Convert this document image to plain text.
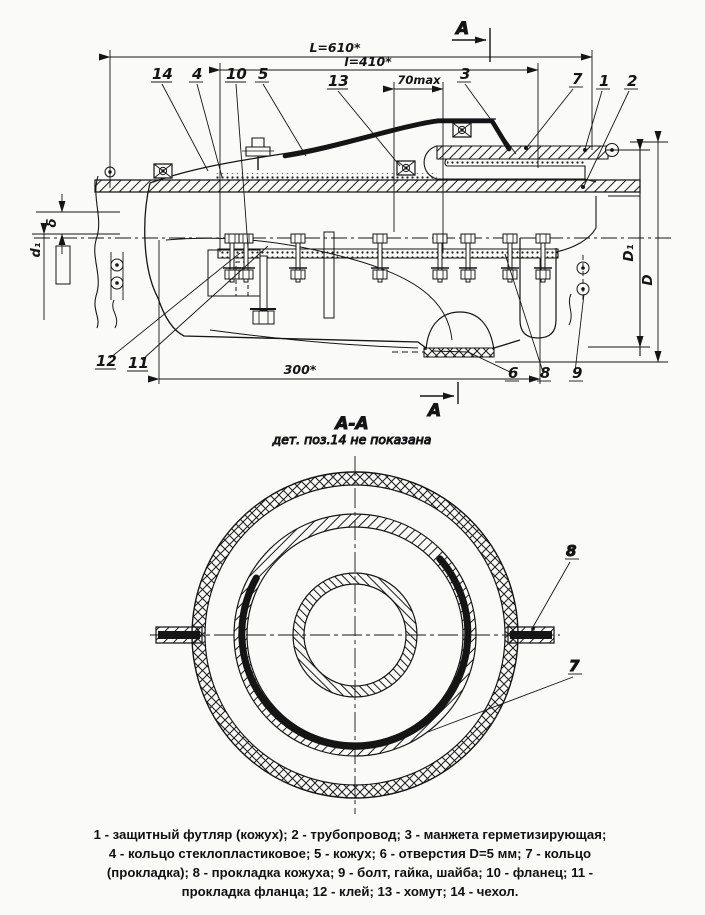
L=610*
l=410*
70max
300*
δ
d₁	D₁
D
А
А
14 4 10 5	13	3	7 1 2
12 11
6 8 9
А-А
дет. поз.14 не показана
8
7
1 - защитный футляр (кожух); 2 - трубопровод; 3 - манжета герметизирующая;
4 - кольцо стеклопластиковое; 5 - кожух; 6 - отверстия D=5 мм; 7 - кольцо
(прокладка); 8 - прокладка кожуха; 9 - болт, гайка, шайба; 10 - фланец; 11 -
прокладка фланца; 12 - клей; 13 - хомут; 14 - чехол.
